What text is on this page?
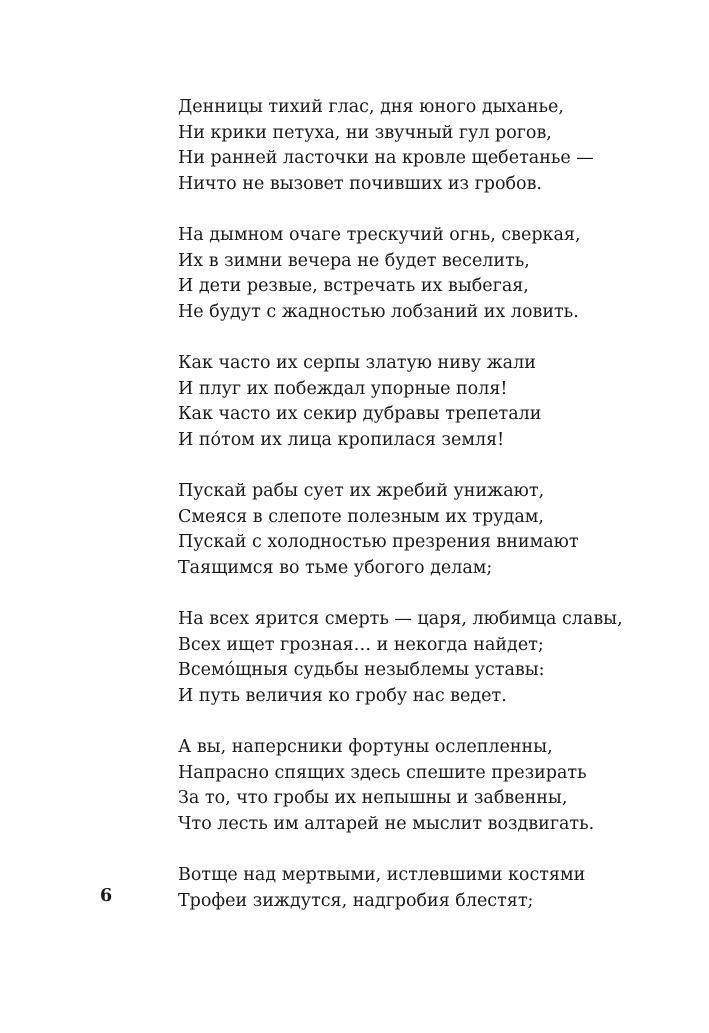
Денницы тихий глас, дня юного дыханье,
Ни крики петуха, ни звучный гул рогов,
Ни ранней ласточки на кровле щебетанье —
Ничто не вызовет почивших из гробов.
На дымном очаге трескучий огнь, сверкая,
Их в зимни вечера не будет веселить,
И дети резвые, встречать их выбегая,
Не будут с жадностью лобзаний их ловить.
Как часто их серпы златую ниву жали
И плуг их побеждал упорные поля!
Как часто их секир дубравы трепетали
И пóтом их лица кропилася земля!
Пускай рабы сует их жребий унижают,
Смеяся в слепоте полезным их трудам,
Пускай с холодностью презрения внимают
Таящимся во тьме убогого делам;
На всех ярится смерть — царя, любимца славы,
Всех ищет грозная… и некогда найдет;
Всемóщныя судьбы незыблемы уставы:
И путь величия ко гробу нас ведет.
А вы, наперсники фортуны ослепленны,
Напрасно спящих здесь спешите презирать
За то, что гробы их непышны и забвенны,
Что лесть им алтарей не мыслит воздвигать.
Вотще над мертвыми, истлевшими костями
Трофеи зиждутся, надгробия блестят;
6
